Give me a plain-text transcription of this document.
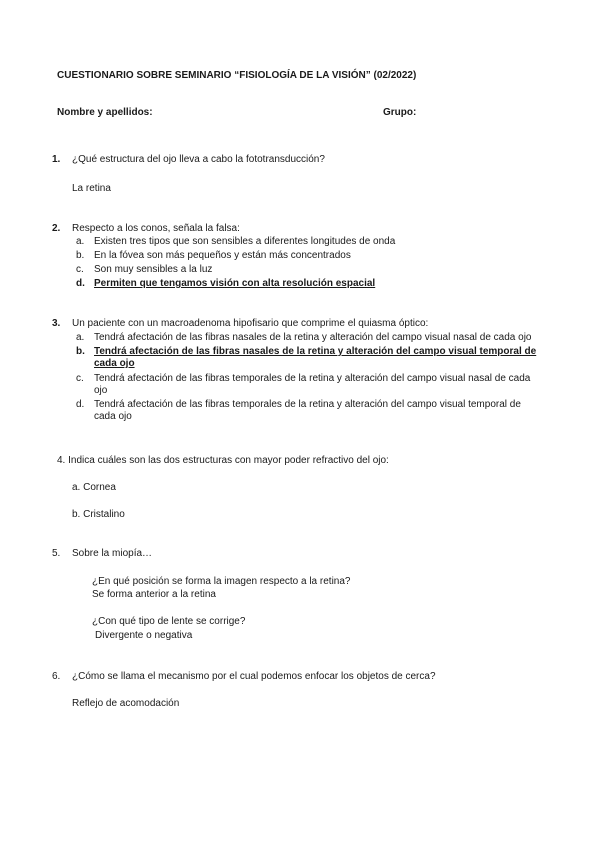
CUESTIONARIO SOBRE SEMINARIO “FISIOLOGÍA DE LA VISIÓN” (02/2022)
Nombre y apellidos:	Grupo:
1. ¿Qué estructura del ojo lleva a cabo la fototransducción?
La retina
2. Respecto a los conos, señala la falsa:
a. Existen tres tipos que son sensibles a diferentes longitudes de onda
b. En la fóvea son más pequeños y están más concentrados
c. Son muy sensibles a la luz
d. Permiten que tengamos visión con alta resolución espacial
3. Un paciente con un macroadenoma hipofisario que comprime el quiasma óptico:
a. Tendrá afectación de las fibras nasales de la retina y alteración del campo visual nasal de cada ojo
b. Tendrá afectación de las fibras nasales de la retina y alteración del campo visual temporal de cada ojo
c. Tendrá afectación de las fibras temporales de la retina y alteración del campo visual nasal de cada ojo
d. Tendrá afectación de las fibras temporales de la retina y alteración del campo visual temporal de cada ojo
4. Indica cuáles son las dos estructuras con mayor poder refractivo del ojo:
a. Cornea
b. Cristalino
5. Sobre la miopía…
¿En qué posición se forma la imagen respecto a la retina?
Se forma anterior a la retina
¿Con qué tipo de lente se corrige?
Divergente o negativa
6. ¿Cómo se llama el mecanismo por el cual podemos enfocar los objetos de cerca?
Reflejo de acomodación
